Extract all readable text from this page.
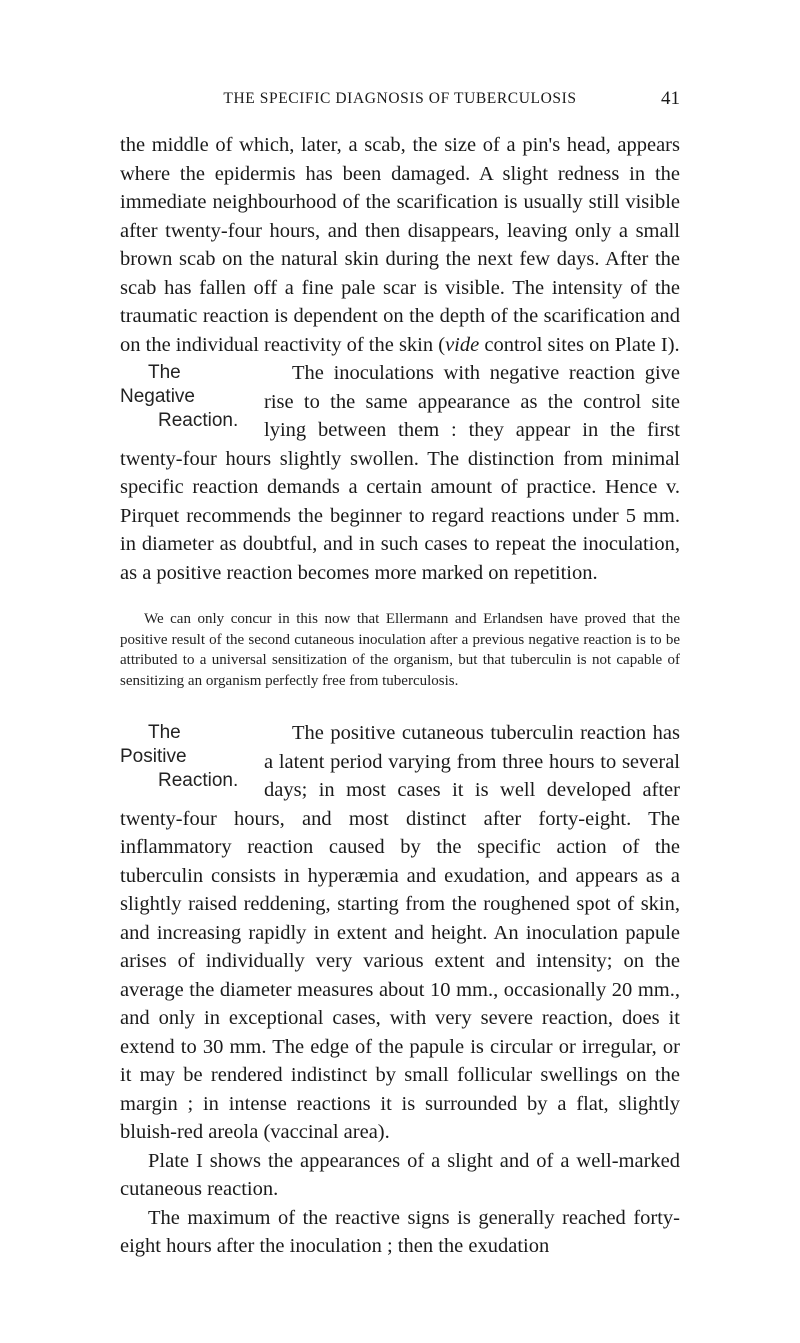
THE SPECIFIC DIAGNOSIS OF TUBERCULOSIS	41

the middle of which, later, a scab, the size of a pin's head, appears where the epidermis has been damaged. A slight redness in the immediate neighbourhood of the scarification is usually still visible after twenty-four hours, and then disappears, leaving only a small brown scab on the natural skin during the next few days. After the scab has fallen off a fine pale scar is visible. The intensity of the traumatic reaction is dependent on the depth of the scarification and on the individual reactivity of the skin (vide control sites on Plate I).

The Negative
Reaction.
The inoculations with negative reaction give rise to the same appearance as the control site lying between them : they appear in the first twenty-four hours slightly swollen. The distinction from minimal specific reaction demands a certain amount of practice. Hence v. Pirquet recommends the beginner to regard reactions under 5 mm. in diameter as doubtful, and in such cases to repeat the inoculation, as a positive reaction becomes more marked on repetition.

We can only concur in this now that Ellermann and Erlandsen have proved that the positive result of the second cutaneous inoculation after a previous negative reaction is to be attributed to a universal sensitization of the organism, but that tuberculin is not capable of sensitizing an organism perfectly free from tuberculosis.

The Positive
Reaction.
The positive cutaneous tuberculin reaction has a latent period varying from three hours to several days; in most cases it is well developed after twenty-four hours, and most distinct after forty-eight. The inflammatory reaction caused by the specific action of the tuberculin consists in hyperæmia and exudation, and appears as a slightly raised reddening, starting from the roughened spot of skin, and increasing rapidly in extent and height. An inoculation papule arises of individually very various extent and intensity; on the average the diameter measures about 10 mm., occasionally 20 mm., and only in exceptional cases, with very severe reaction, does it extend to 30 mm. The edge of the papule is circular or irregular, or it may be rendered indistinct by small follicular swellings on the margin ; in intense reactions it is surrounded by a flat, slightly bluish-red areola (vaccinal area).

Plate I shows the appearances of a slight and of a well-marked cutaneous reaction.

The maximum of the reactive signs is generally reached forty-eight hours after the inoculation ; then the exudation
